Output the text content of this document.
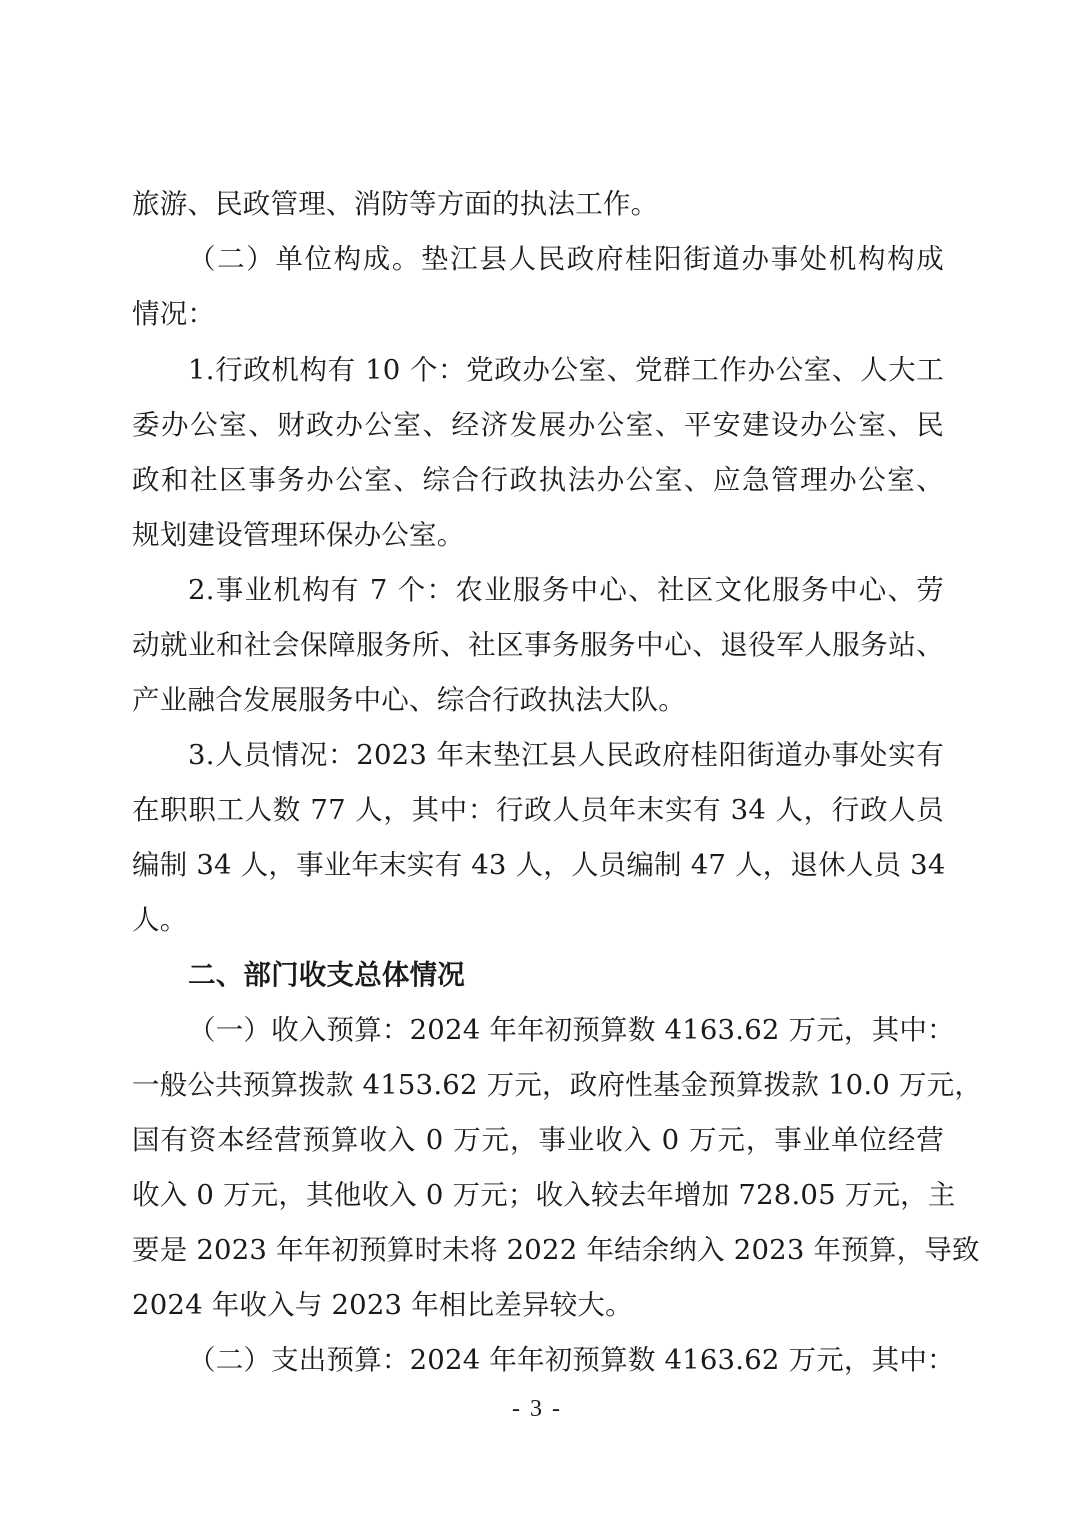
旅游、民政管理、消防等方面的执法工作。
（二）单位构成。垫江县人民政府桂阳街道办事处机构构成
情况：
1.行政机构有 10 个：党政办公室、党群工作办公室、人大工
委办公室、财政办公室、经济发展办公室、平安建设办公室、民
政和社区事务办公室、综合行政执法办公室、应急管理办公室、
规划建设管理环保办公室。
2.事业机构有 7 个：农业服务中心、社区文化服务中心、劳
动就业和社会保障服务所、社区事务服务中心、退役军人服务站、
产业融合发展服务中心、综合行政执法大队。
3.人员情况：2023 年末垫江县人民政府桂阳街道办事处实有
在职职工人数 77 人，其中：行政人员年末实有 34 人，行政人员
编制 34 人，事业年末实有 43 人，人员编制 47 人，退休人员 34
人。
二、部门收支总体情况
（一）收入预算：2024 年年初预算数 4163.62 万元，其中：
一般公共预算拨款 4153.62 万元，政府性基金预算拨款 10.0 万元，
国有资本经营预算收入 0 万元，事业收入 0 万元，事业单位经营
收入 0 万元，其他收入 0 万元；收入较去年增加 728.05 万元，主
要是 2023 年年初预算时未将 2022 年结余纳入 2023 年预算，导致
2024 年收入与 2023 年相比差异较大。
（二）支出预算：2024 年年初预算数 4163.62 万元，其中：
- 3 -
